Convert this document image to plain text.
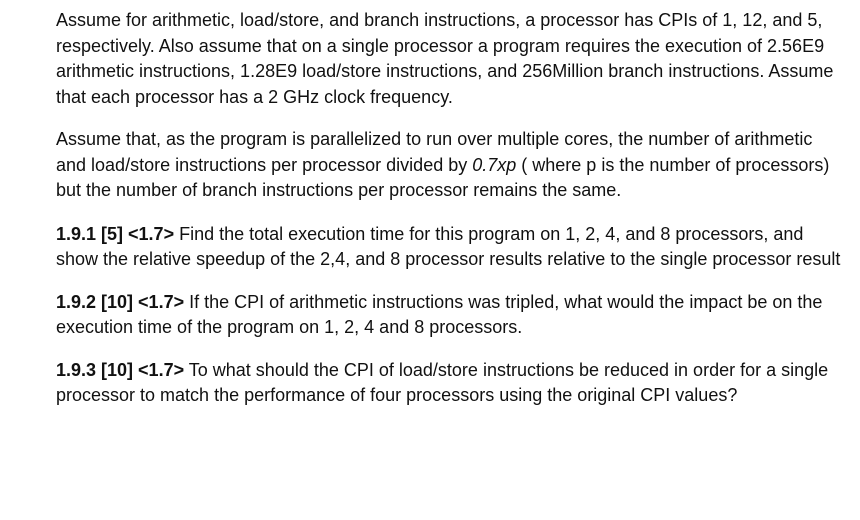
Assume for arithmetic, load/store, and branch instructions, a processor has CPIs of 1, 12, and 5, respectively. Also assume that on a single processor a program requires the execution of 2.56E9 arithmetic instructions, 1.28E9 load/store instructions, and 256Million branch instructions. Assume that each processor has a 2 GHz clock frequency.

Assume that, as the program is parallelized to run over multiple cores, the number of arithmetic and load/store instructions per processor divided by 0.7xp ( where p is the number of processors) but the number of branch instructions per processor remains the same.

1.9.1 [5] <1.7> Find the total execution time for this program on 1, 2, 4, and 8 processors, and show the relative speedup of the 2,4, and 8 processor results relative to the single processor result

1.9.2 [10] <1.7> If the CPI of arithmetic instructions was tripled, what would the impact be on the execution time of the program on 1, 2, 4 and 8 processors.

1.9.3 [10] <1.7> To what should the CPI of load/store instructions be reduced in order for a single processor to match the performance of four processors using the original CPI values?
